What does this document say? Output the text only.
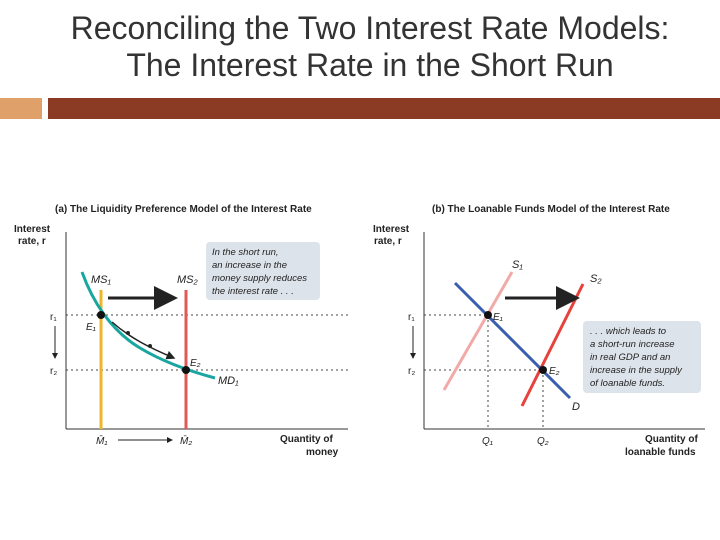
Reconciling the Two Interest Rate Models:
The Interest Rate in the Short Run
(a) The Liquidity Preference Model of the Interest Rate
Interest
rate, r
r₁
r₂
MS₁	MS₂
MD₁
E₁
E₂
M̄₁	M̄₂	Quantity of
money
In the short run,
an increase in the
money supply reduces
the interest rate . . .
(b) The Loanable Funds Model of the Interest Rate
Interest
rate, r
r₁
r₂
S₁
S₂
D
E₁
E₂
Q₁	Q₂	Quantity of
loanable funds
. . . which leads to
a short-run increase
in real GDP and an
increase in the supply
of loanable funds.
